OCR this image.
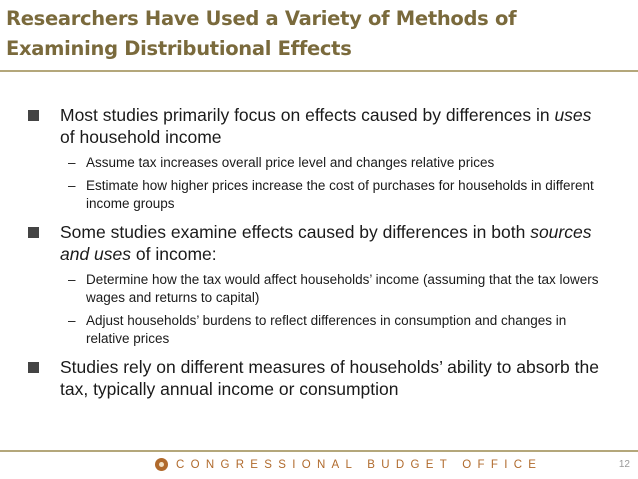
Researchers Have Used a Variety of Methods of
Examining Distributional Effects
Most studies primarily focus on effects caused by differences in uses of household income
– Assume tax increases overall price level and changes relative prices
– Estimate how higher prices increase the cost of purchases for households in different income groups
Some studies examine effects caused by differences in both sources and uses of income:
– Determine how the tax would affect households’ income (assuming that the tax lowers wages and returns to capital)
– Adjust households’ burdens to reflect differences in consumption and changes in relative prices
Studies rely on different measures of households’ ability to absorb the tax, typically annual income or consumption
CONGRESSIONAL BUDGET OFFICE	12
